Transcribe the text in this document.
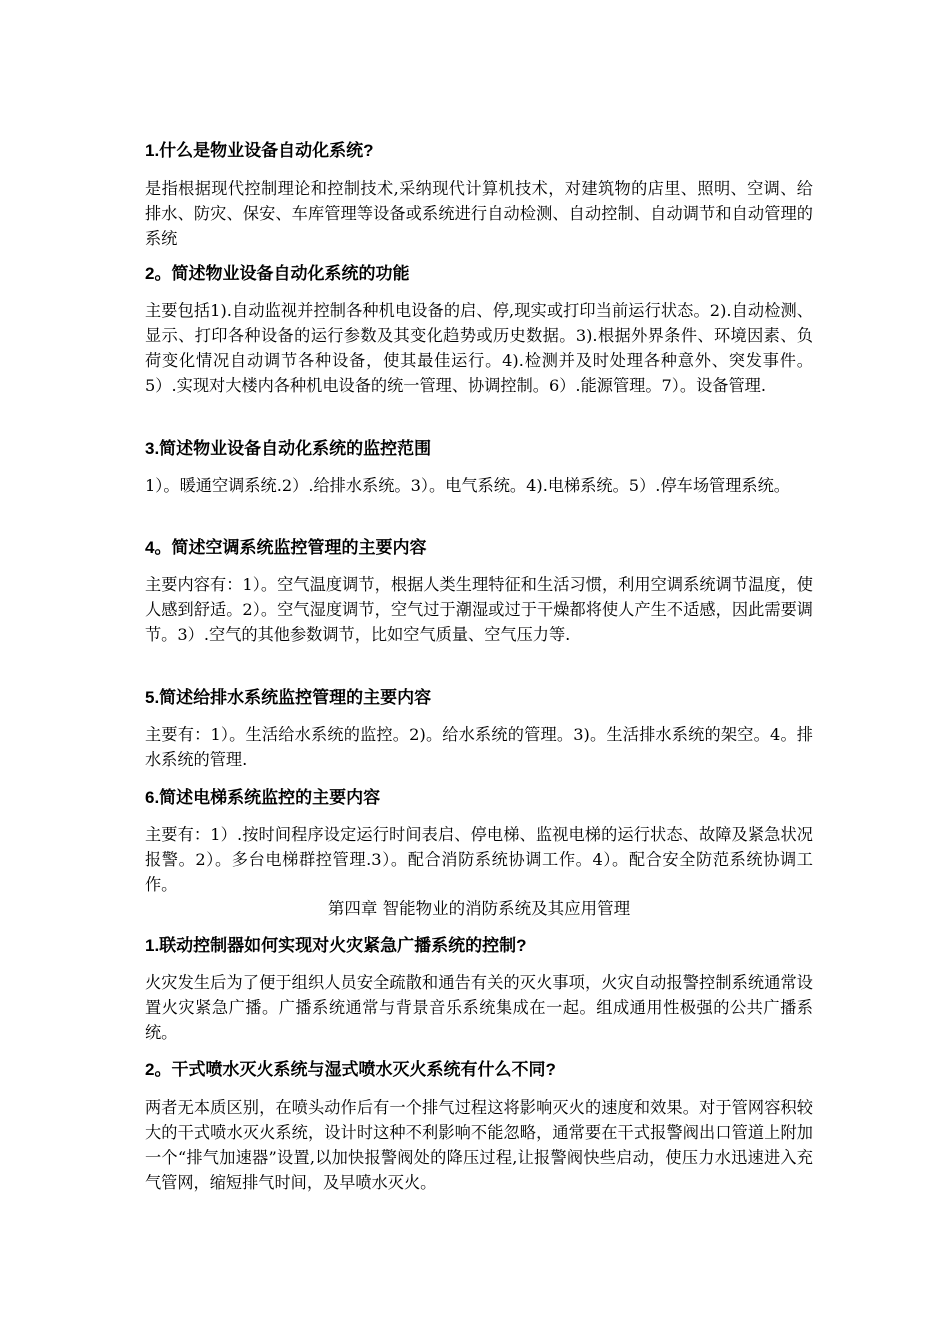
1.什么是物业设备自动化系统?

是指根据现代控制理论和控制技术,采纳现代计算机技术，对建筑物的店里、照明、空调、给排水、防灾、保安、车库管理等设备或系统进行自动检测、自动控制、自动调节和自动管理的系统

2。简述物业设备自动化系统的功能

主要包括1).自动监视并控制各种机电设备的启、停,现实或打印当前运行状态。2).自动检测、显示、打印各种设备的运行参数及其变化趋势或历史数据。3).根据外界条件、环境因素、负荷变化情况自动调节各种设备，使其最佳运行。4).检测并及时处理各种意外、突发事件。5）.实现对大楼内各种机电设备的统一管理、协调控制。6）.能源管理。7）。设备管理.

3.简述物业设备自动化系统的监控范围

1）。暖通空调系统.2）.给排水系统。3）。电气系统。4).电梯系统。5）.停车场管理系统。

4。简述空调系统监控管理的主要内容

主要内容有：1）。空气温度调节，根据人类生理特征和生活习惯，利用空调系统调节温度，使人感到舒适。2）。空气湿度调节，空气过于潮湿或过于干燥都将使人产生不适感，因此需要调节。3）.空气的其他参数调节，比如空气质量、空气压力等.

5.简述给排水系统监控管理的主要内容

主要有：1）。生活给水系统的监控。2)。给水系统的管理。3)。生活排水系统的架空。4。排水系统的管理.

6.简述电梯系统监控的主要内容

主要有：1）.按时间程序设定运行时间表启、停电梯、监视电梯的运行状态、故障及紧急状况报警。2）。多台电梯群控管理.3）。配合消防系统协调工作。4）。配合安全防范系统协调工作。

第四章 智能物业的消防系统及其应用管理
1.联动控制器如何实现对火灾紧急广播系统的控制?

火灾发生后为了便于组织人员安全疏散和通告有关的灭火事项，火灾自动报警控制系统通常设置火灾紧急广播。广播系统通常与背景音乐系统集成在一起。组成通用性极强的公共广播系统。

2。干式喷水灭火系统与湿式喷水灭火系统有什么不同?

两者无本质区别，在喷头动作后有一个排气过程这将影响灭火的速度和效果。对于管网容积较大的干式喷水灭火系统，设计时这种不利影响不能忽略，通常要在干式报警阀出口管道上附加一个“排气加速器”设置,以加快报警阀处的降压过程,让报警阀快些启动，使压力水迅速进入充气管网，缩短排气时间，及早喷水灭火。
